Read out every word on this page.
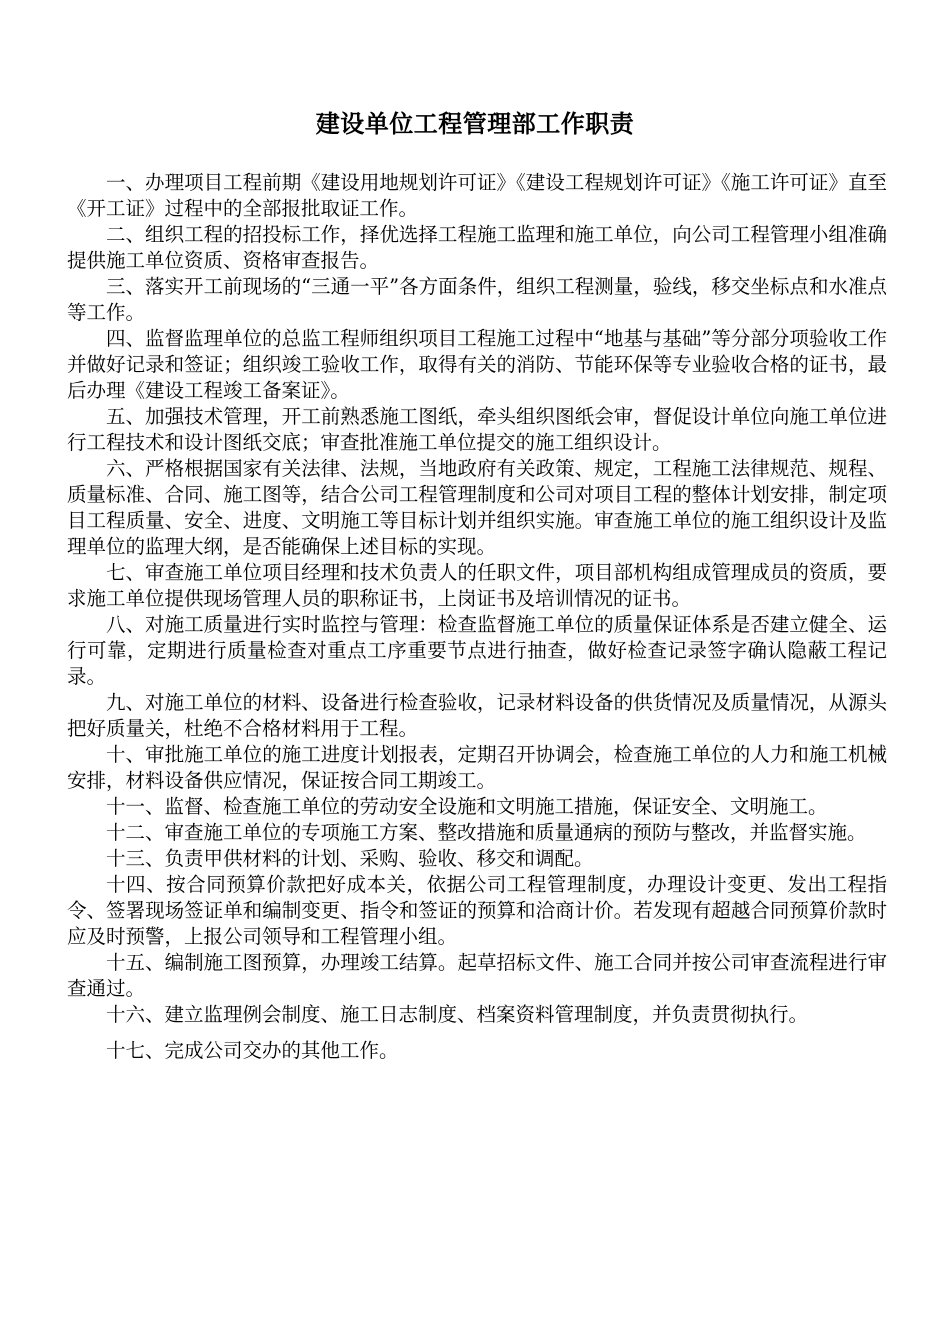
建设单位工程管理部工作职责

一、办理项目工程前期《建设用地规划许可证》《建设工程规划许可证》《施工许可证》直至《开工证》过程中的全部报批取证工作。

二、组织工程的招投标工作，择优选择工程施工监理和施工单位，向公司工程管理小组准确提供施工单位资质、资格审查报告。

三、落实开工前现场的“三通一平”各方面条件，组织工程测量，验线，移交坐标点和水准点等工作。

四、监督监理单位的总监工程师组织项目工程施工过程中“地基与基础”等分部分项验收工作并做好记录和签证；组织竣工验收工作，取得有关的消防、节能环保等专业验收合格的证书，最后办理《建设工程竣工备案证》。

五、加强技术管理，开工前熟悉施工图纸，牵头组织图纸会审，督促设计单位向施工单位进行工程技术和设计图纸交底；审查批准施工单位提交的施工组织设计。

六、严格根据国家有关法律、法规，当地政府有关政策、规定，工程施工法律规范、规程、质量标准、合同、施工图等，结合公司工程管理制度和公司对项目工程的整体计划安排，制定项目工程质量、安全、进度、文明施工等目标计划并组织实施。审查施工单位的施工组织设计及监理单位的监理大纲，是否能确保上述目标的实现。

七、审查施工单位项目经理和技术负责人的任职文件，项目部机构组成管理成员的资质，要求施工单位提供现场管理人员的职称证书，上岗证书及培训情况的证书。

八、对施工质量进行实时监控与管理：检查监督施工单位的质量保证体系是否建立健全、运行可靠，定期进行质量检查对重点工序重要节点进行抽查，做好检查记录签字确认隐蔽工程记录。

九、对施工单位的材料、设备进行检查验收，记录材料设备的供货情况及质量情况，从源头把好质量关，杜绝不合格材料用于工程。

十、审批施工单位的施工进度计划报表，定期召开协调会，检查施工单位的人力和施工机械安排，材料设备供应情况，保证按合同工期竣工。

十一、监督、检查施工单位的劳动安全设施和文明施工措施，保证安全、文明施工。

十二、审查施工单位的专项施工方案、整改措施和质量通病的预防与整改，并监督实施。

十三、负责甲供材料的计划、采购、验收、移交和调配。

十四、按合同预算价款把好成本关，依据公司工程管理制度，办理设计变更、发出工程指令、签署现场签证单和编制变更、指令和签证的预算和洽商计价。若发现有超越合同预算价款时应及时预警，上报公司领导和工程管理小组。

十五、编制施工图预算，办理竣工结算。起草招标文件、施工合同并按公司审查流程进行审查通过。

十六、建立监理例会制度、施工日志制度、档案资料管理制度，并负责贯彻执行。

十七、完成公司交办的其他工作。
